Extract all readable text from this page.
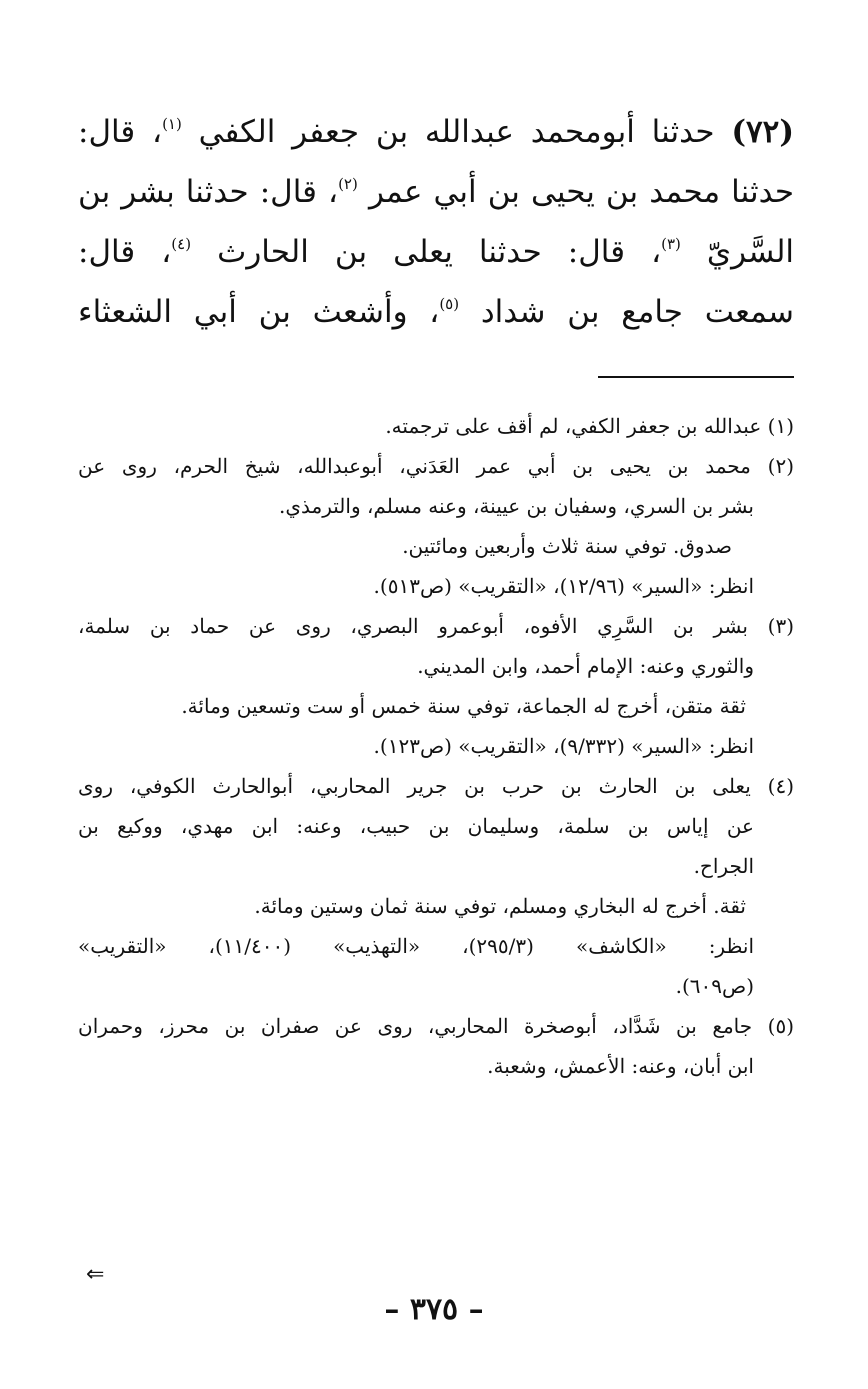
(٧٢) حدثنا أبومحمد عبدالله بن جعفر الكفي $^{(١)}$، قال:
حدثنا محمد بن يحيى بن أبي عمر $^{(٢)}$، قال: حدثنا بشر بن
السَّريّ $^{(٣)}$، قال: حدثنا يعلى بن الحارث $^{(٤)}$، قال:
سمعت جامع بن شداد $^{(٥)}$، وأشعث بن أبي الشعثاء
(١) عبدالله بن جعفر الكفي، لم أقف على ترجمته.
(٢) محمد بن يحيى بن أبي عمر العَدَني، أبوعبدالله، شيخ الحرم، روى عن
بشر بن السري، وسفيان بن عيينة، وعنه مسلم، والترمذي.
صدوق. توفي سنة ثلاث وأربعين ومائتين.
انظر: «السير» (١٢/٩٦)، «التقريب» (ص٥١٣).
(٣) بشر بن السَّرِي الأفوه، أبوعمرو البصري، روى عن حماد بن سلمة،
والثوري وعنه: الإمام أحمد، وابن المديني.
ثقة متقن، أخرج له الجماعة، توفي سنة خمس أو ست وتسعين ومائة.
انظر: «السير» (٩/٣٣٢)، «التقريب» (ص١٢٣).
(٤) يعلى بن الحارث بن حرب بن جرير المحاربي، أبوالحارث الكوفي، روى
عن إياس بن سلمة، وسليمان بن حبيب، وعنه: ابن مهدي، ووكيع بن
الجراح.
ثقة. أخرج له البخاري ومسلم، توفي سنة ثمان وستين ومائة.
انظر: «الكاشف» (٢٩٥/٣)، «التهذيب» (١١/٤٠٠)، «التقريب»
(ص٦٠٩).
(٥) جامع بن شَدَّاد، أبوصخرة المحاربي، روى عن صفران بن محرز، وحمران
ابن أبان، وعنه: الأعمش، وشعبة.
⇐
– ٣٧٥ –
